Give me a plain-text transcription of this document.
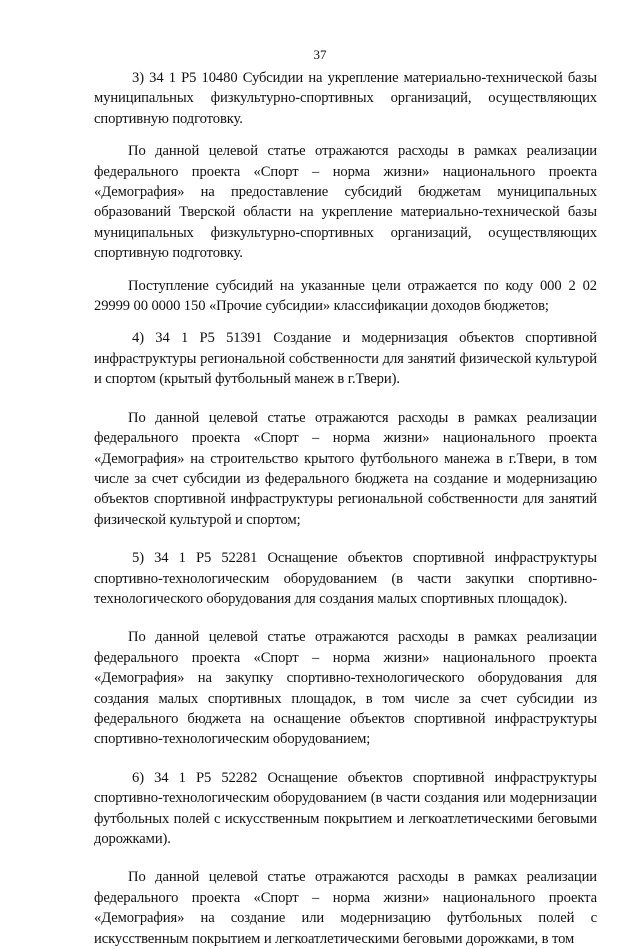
37

3) 34 1 P5 10480 Субсидии на укрепление материально-технической базы муниципальных физкультурно-спортивных организаций, осуществляющих спортивную подготовку.

По данной целевой статье отражаются расходы в рамках реализации федерального проекта «Спорт – норма жизни» национального проекта «Демография» на предоставление субсидий бюджетам муниципальных образований Тверской области на укрепление материально-технической базы муниципальных физкультурно-спортивных организаций, осуществляющих спортивную подготовку.

Поступление субсидий на указанные цели отражается по коду 000 2 02 29999 00 0000 150 «Прочие субсидии» классификации доходов бюджетов;

4) 34 1 P5 51391 Создание и модернизация объектов спортивной инфраструктуры региональной собственности для занятий физической культурой и спортом (крытый футбольный манеж в г.Твери).

По данной целевой статье отражаются расходы в рамках реализации федерального проекта «Спорт – норма жизни» национального проекта «Демография» на строительство крытого футбольного манежа в г.Твери, в том числе за счет субсидии из федерального бюджета на создание и модернизацию объектов спортивной инфраструктуры региональной собственности для занятий физической культурой и спортом;

5) 34 1 P5 52281 Оснащение объектов спортивной инфраструктуры спортивно-технологическим оборудованием (в части закупки спортивно-технологического оборудования для создания малых спортивных площадок).

По данной целевой статье отражаются расходы в рамках реализации федерального проекта «Спорт – норма жизни» национального проекта «Демография» на закупку спортивно-технологического оборудования для создания малых спортивных площадок, в том числе за счет субсидии из федерального бюджета на оснащение объектов спортивной инфраструктуры спортивно-технологическим оборудованием;

6) 34 1 P5 52282 Оснащение объектов спортивной инфраструктуры спортивно-технологическим оборудованием (в части создания или модернизации футбольных полей с искусственным покрытием и легкоатлетическими беговыми дорожками).

По данной целевой статье отражаются расходы в рамках реализации федерального проекта «Спорт – норма жизни» национального проекта «Демография» на создание или модернизацию футбольных полей с искусственным покрытием и легкоатлетическими беговыми дорожками, в том
